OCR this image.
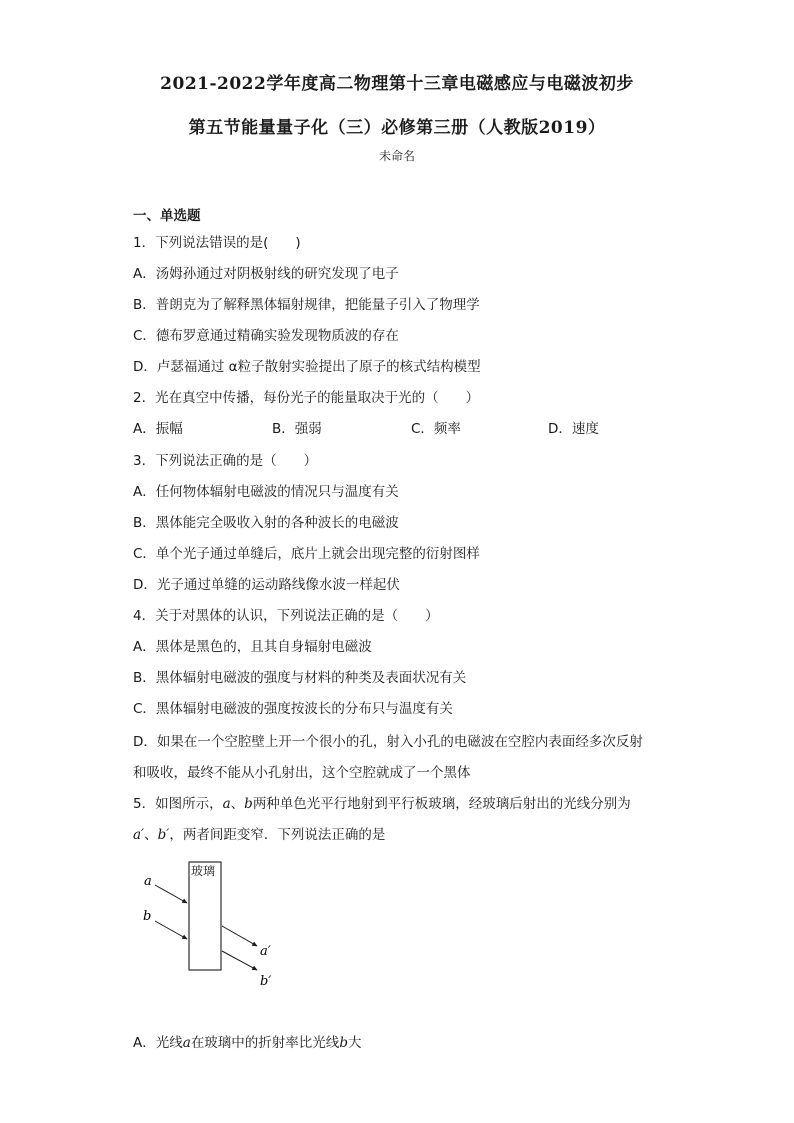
2021-2022学年度高二物理第十三章电磁感应与电磁波初步
第五节能量量子化（三）必修第三册（人教版2019）
未命名
一、单选题
1．下列说法错误的是(　　)
A．汤姆孙通过对阴极射线的研究发现了电子
B．普朗克为了解释黑体辐射规律，把能量子引入了物理学
C．德布罗意通过精确实验发现物质波的存在
D．卢瑟福通过 α粒子散射实验提出了原子的核式结构模型
2．光在真空中传播，每份光子的能量取决于光的（　　）
A．振幅	B．强弱	C．频率	D．速度
3．下列说法正确的是（　　）
A．任何物体辐射电磁波的情况只与温度有关
B．黑体能完全吸收入射的各种波长的电磁波
C．单个光子通过单缝后，底片上就会出现完整的衍射图样
D．光子通过单缝的运动路线像水波一样起伏
4．关于对黑体的认识，下列说法正确的是（　　）
A．黑体是黑色的，且其自身辐射电磁波
B．黑体辐射电磁波的强度与材料的种类及表面状况有关
C．黑体辐射电磁波的强度按波长的分布只与温度有关
D．如果在一个空腔壁上开一个很小的孔，射入小孔的电磁波在空腔内表面经多次反射
和吸收，最终不能从小孔射出，这个空腔就成了一个黑体
5．如图所示，a、b两种单色光平行地射到平行板玻璃，经玻璃后射出的光线分别为
a′、b′，两者间距变窄．下列说法正确的是
玻璃
a
b
a′
b′
A．光线a在玻璃中的折射率比光线b大
